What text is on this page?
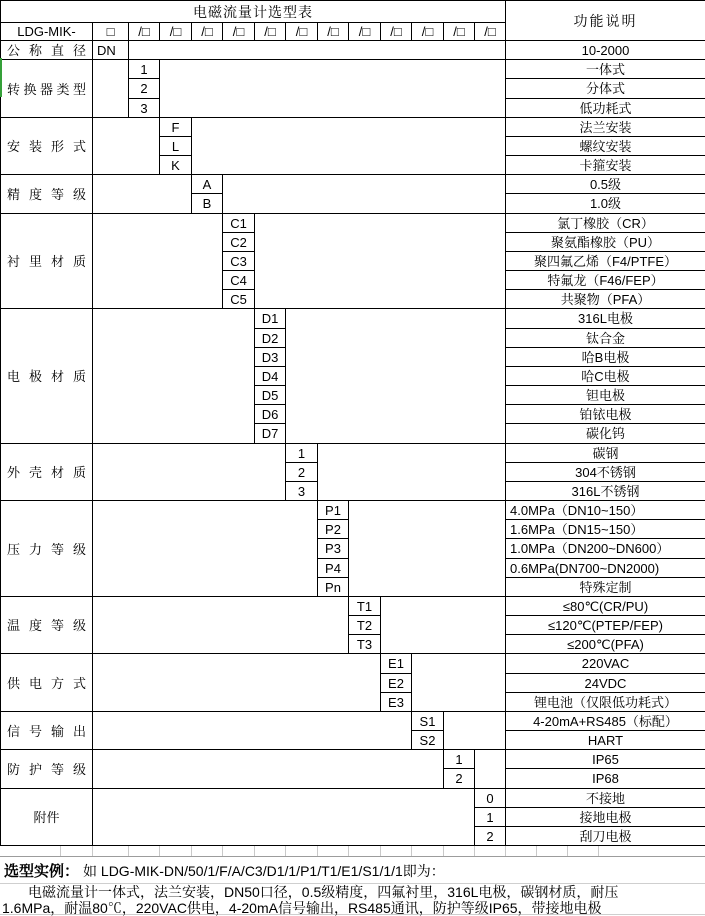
电磁流量计选型表
功能说明
LDG-MIK-	□	/□	/□	/□	/□	/□	/□	/□	/□	/□	/□	/□	/□
公称直径 DN	10-2000
转换器类型
1	一体式
2	分体式
3	低功耗式
安装形式
F	法兰安装
L	螺纹安装
K	卡箍安装
精度等级
A	0.5级
B	1.0级
衬里材质
C1	氯丁橡胶（CR）
C2	聚氨酯橡胶（PU）
C3	聚四氟乙烯（F4/PTFE）
C4	特氟龙（F46/FEP）
C5	共聚物（PFA）
电极材质
D1	316L电极
D2	钛合金
D3	哈B电极
D4	哈C电极
D5	钽电极
D6	铂铱电极
D7	碳化钨
外壳材质
1	碳钢
2	304不锈钢
3	316L不锈钢
压力等级
P1	4.0MPa（DN10~150）
P2	1.6MPa（DN15~150）
P3	1.0MPa（DN200~DN600）
P4	0.6MPa(DN700~DN2000)
Pn	特殊定制
温度等级
T1	≤80℃(CR/PU)
T2	≤120℃(PTEP/FEP)
T3	≤200℃(PFA)
供电方式
E1	220VAC
E2	24VDC
E3	锂电池（仅限低功耗式）
信号输出
S1	4-20mA+RS485（标配）
S2	HART
防护等级
1	IP65
2	IP68
附件
0	不接地
1	接地电极
2	刮刀电极
选型实例： 如 LDG-MIK-DN/50/1/F/A/C3/D1/1/P1/T1/E1/S1/1/1即为：
电磁流量计一体式，法兰安装，DN50口径，0.5级精度，四氟衬里，316L电极，碳钢材质，耐压
1.6MPa，耐温80℃，220VAC供电，4-20mA信号输出，RS485通讯，防护等级IP65，带接地电极
